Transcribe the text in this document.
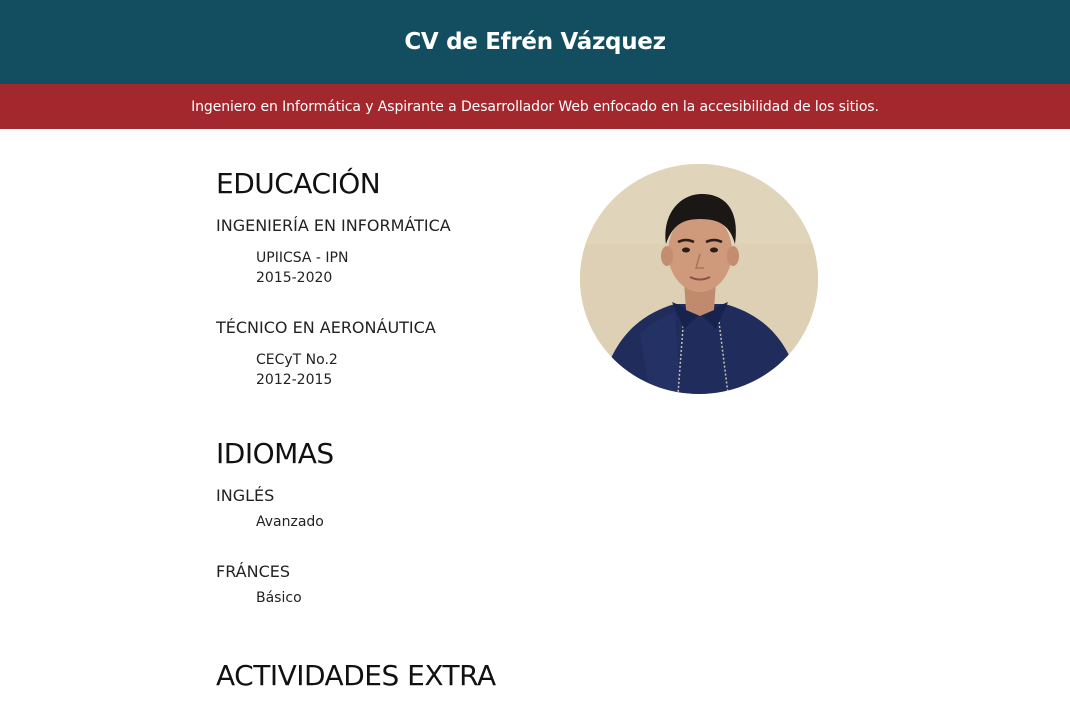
CV de Efrén Vázquez

Ingeniero en Informática y Aspirante a Desarrollador Web enfocado en la accesibilidad de los sitios.

EDUCACIÓN
INGENIERÍA EN INFORMÁTICA
UPIICSA - IPN
2015-2020
TÉCNICO EN AERONÁUTICA
CECyT No.2
2012-2015
IDIOMAS
INGLÉS
Avanzado
FRÁNCES
Básico
ACTIVIDADES EXTRA
